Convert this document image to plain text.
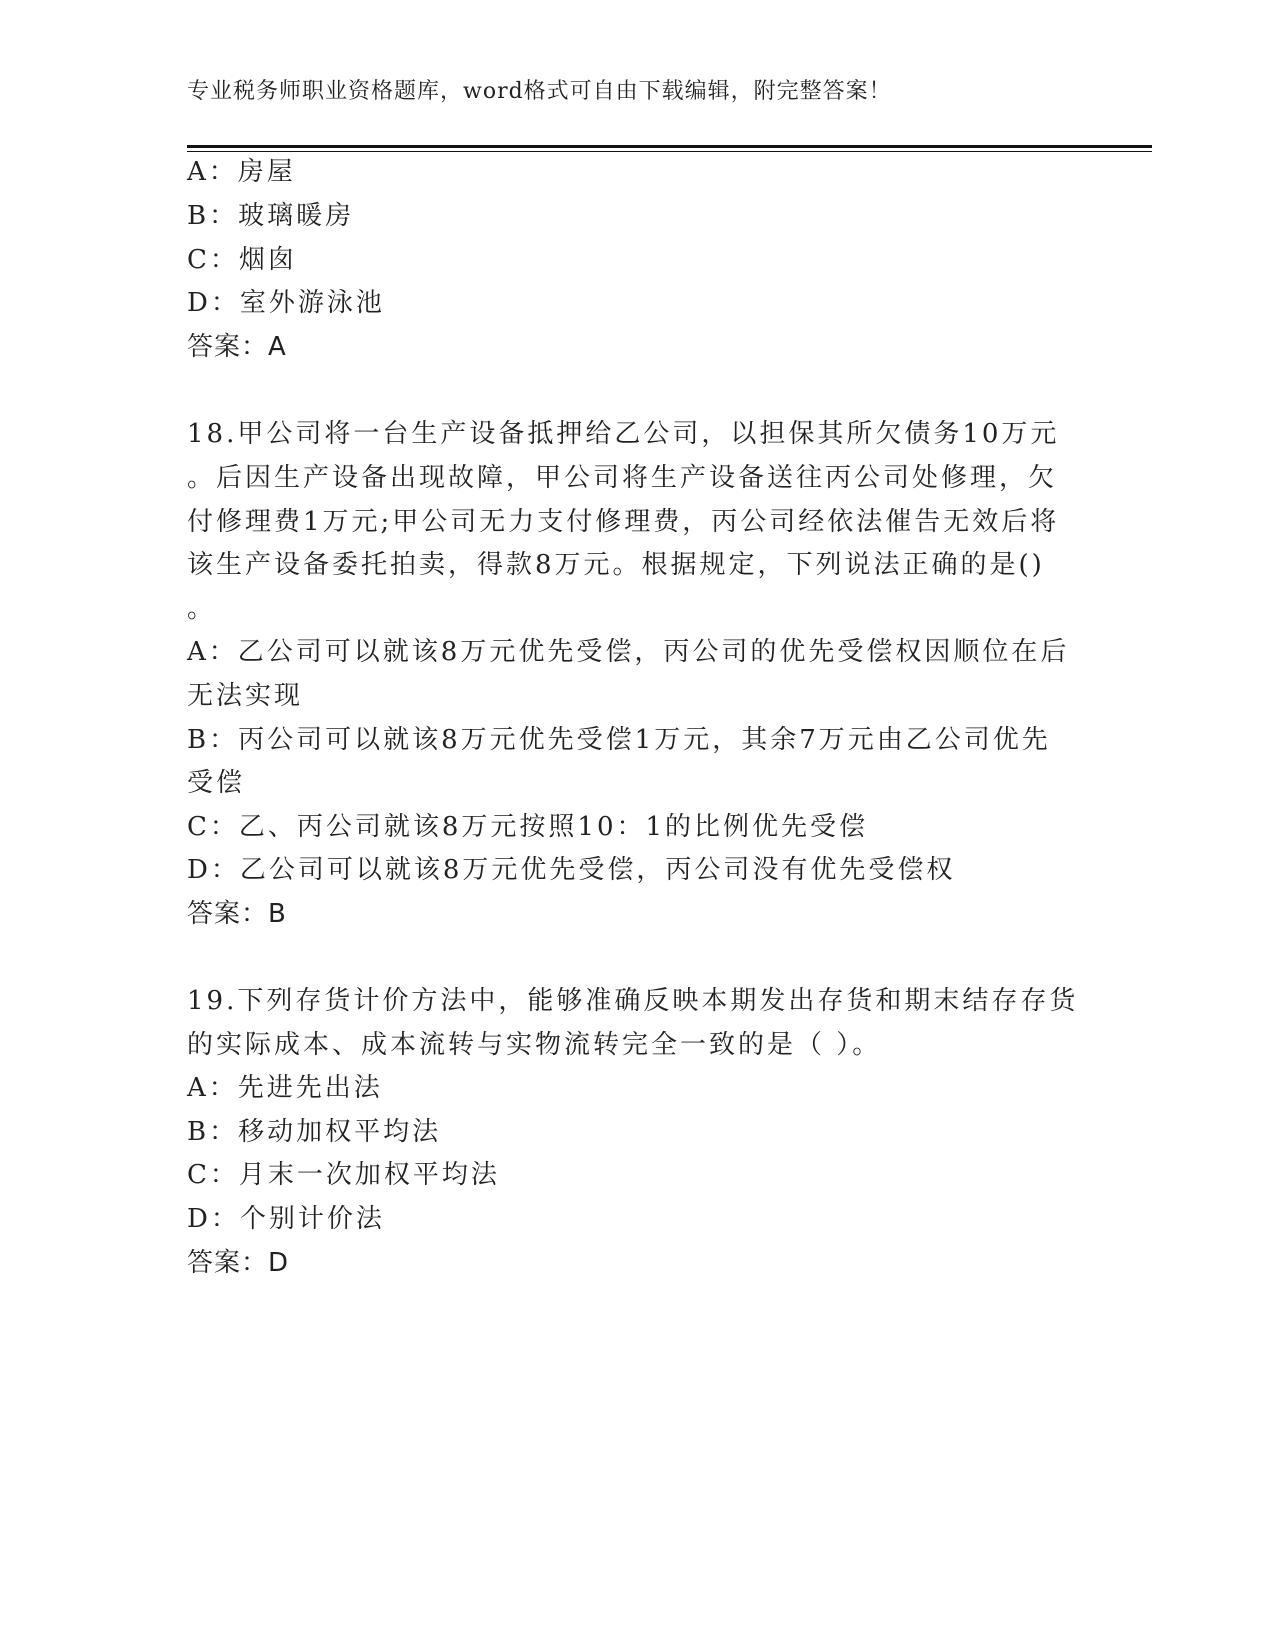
专业税务师职业资格题库，word格式可自由下载编辑，附完整答案！
A：房屋
B：玻璃暖房
C：烟囱
D：室外游泳池
答案：A
18.甲公司将一台生产设备抵押给乙公司，以担保其所欠债务10万元
。后因生产设备出现故障，甲公司将生产设备送往丙公司处修理，欠
付修理费1万元;甲公司无力支付修理费，丙公司经依法催告无效后将
该生产设备委托拍卖，得款8万元。根据规定，下列说法正确的是()
。
A：乙公司可以就该8万元优先受偿，丙公司的优先受偿权因顺位在后
无法实现
B：丙公司可以就该8万元优先受偿1万元，其余7万元由乙公司优先
受偿
C：乙、丙公司就该8万元按照10：1的比例优先受偿
D：乙公司可以就该8万元优先受偿，丙公司没有优先受偿权
答案：B
19.下列存货计价方法中，能够准确反映本期发出存货和期末结存存货
的实际成本、成本流转与实物流转完全一致的是（ ）。
A：先进先出法
B：移动加权平均法
C：月末一次加权平均法
D：个别计价法
答案：D
